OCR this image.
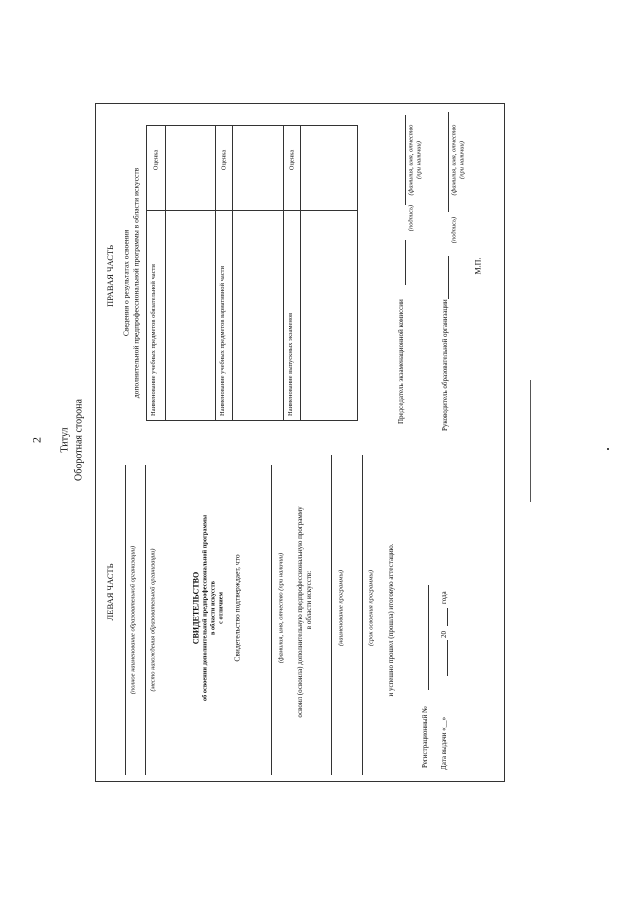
2 Титул Оборотная сторона
ЛЕВАЯ ЧАСТЬ (полное наименование образовательной организации) (место нахождения образовательной организации)	СВИДЕТЕЛЬСТВО об освоении дополнительной предпрофессиональной программы в области искусств с отличием Свидетельство подтверждает, что	(фамилия, имя, отчество (при наличии) освоил (освоила) дополнительную предпрофессиональную программу в области искусств:	(наименование программы)	(срок освоения программы) и успешно прошел (прошла) итоговую аттестацию.
Регистрационный № Дата выдачи «__»
20
года
ПРАВАЯ ЧАСТЬ Сведения о результатах освоения дополнительной предпрофессиональной программы в области искусств Наименование учебных предметов обязательной части
Оценка
Наименование учебных предметов вариативной части
Оценка
Наименование выпускных экзаменов
Оценка
Председатель экзаменационной комиссии
(подпись)
(фамилия, имя, отчество (при наличии)
Руководитель образовательной организации
(подпись)
(фамилия, имя, отчество (при наличии)
М.П.
